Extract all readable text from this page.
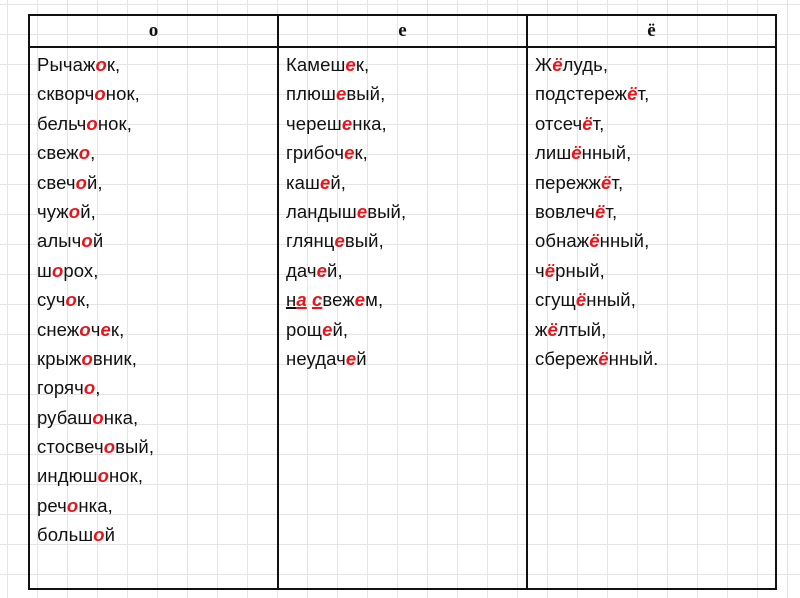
о	е	ё
Рычажок,
скворчонок,
бельчонок,
свежо,
свечой,
чужой,
алычой
шорох,
сучок,
снежочек,
крыжовник,
горячо,
рубашонка,
стосвечовый,
индюшонок,
речонка,
большой
Камешек,
плюшевый,
черешенка,
грибочек,
кашей,
ландышевый,
глянцевый,
дачей,
на свежем,
рощей,
неудачей
Жёлудь,
подстережёт,
отсечёт,
лишённый,
пережжёт,
вовлечёт,
обнажённый,
чёрный,
сгущённый,
жёлтый,
сбережённый.
